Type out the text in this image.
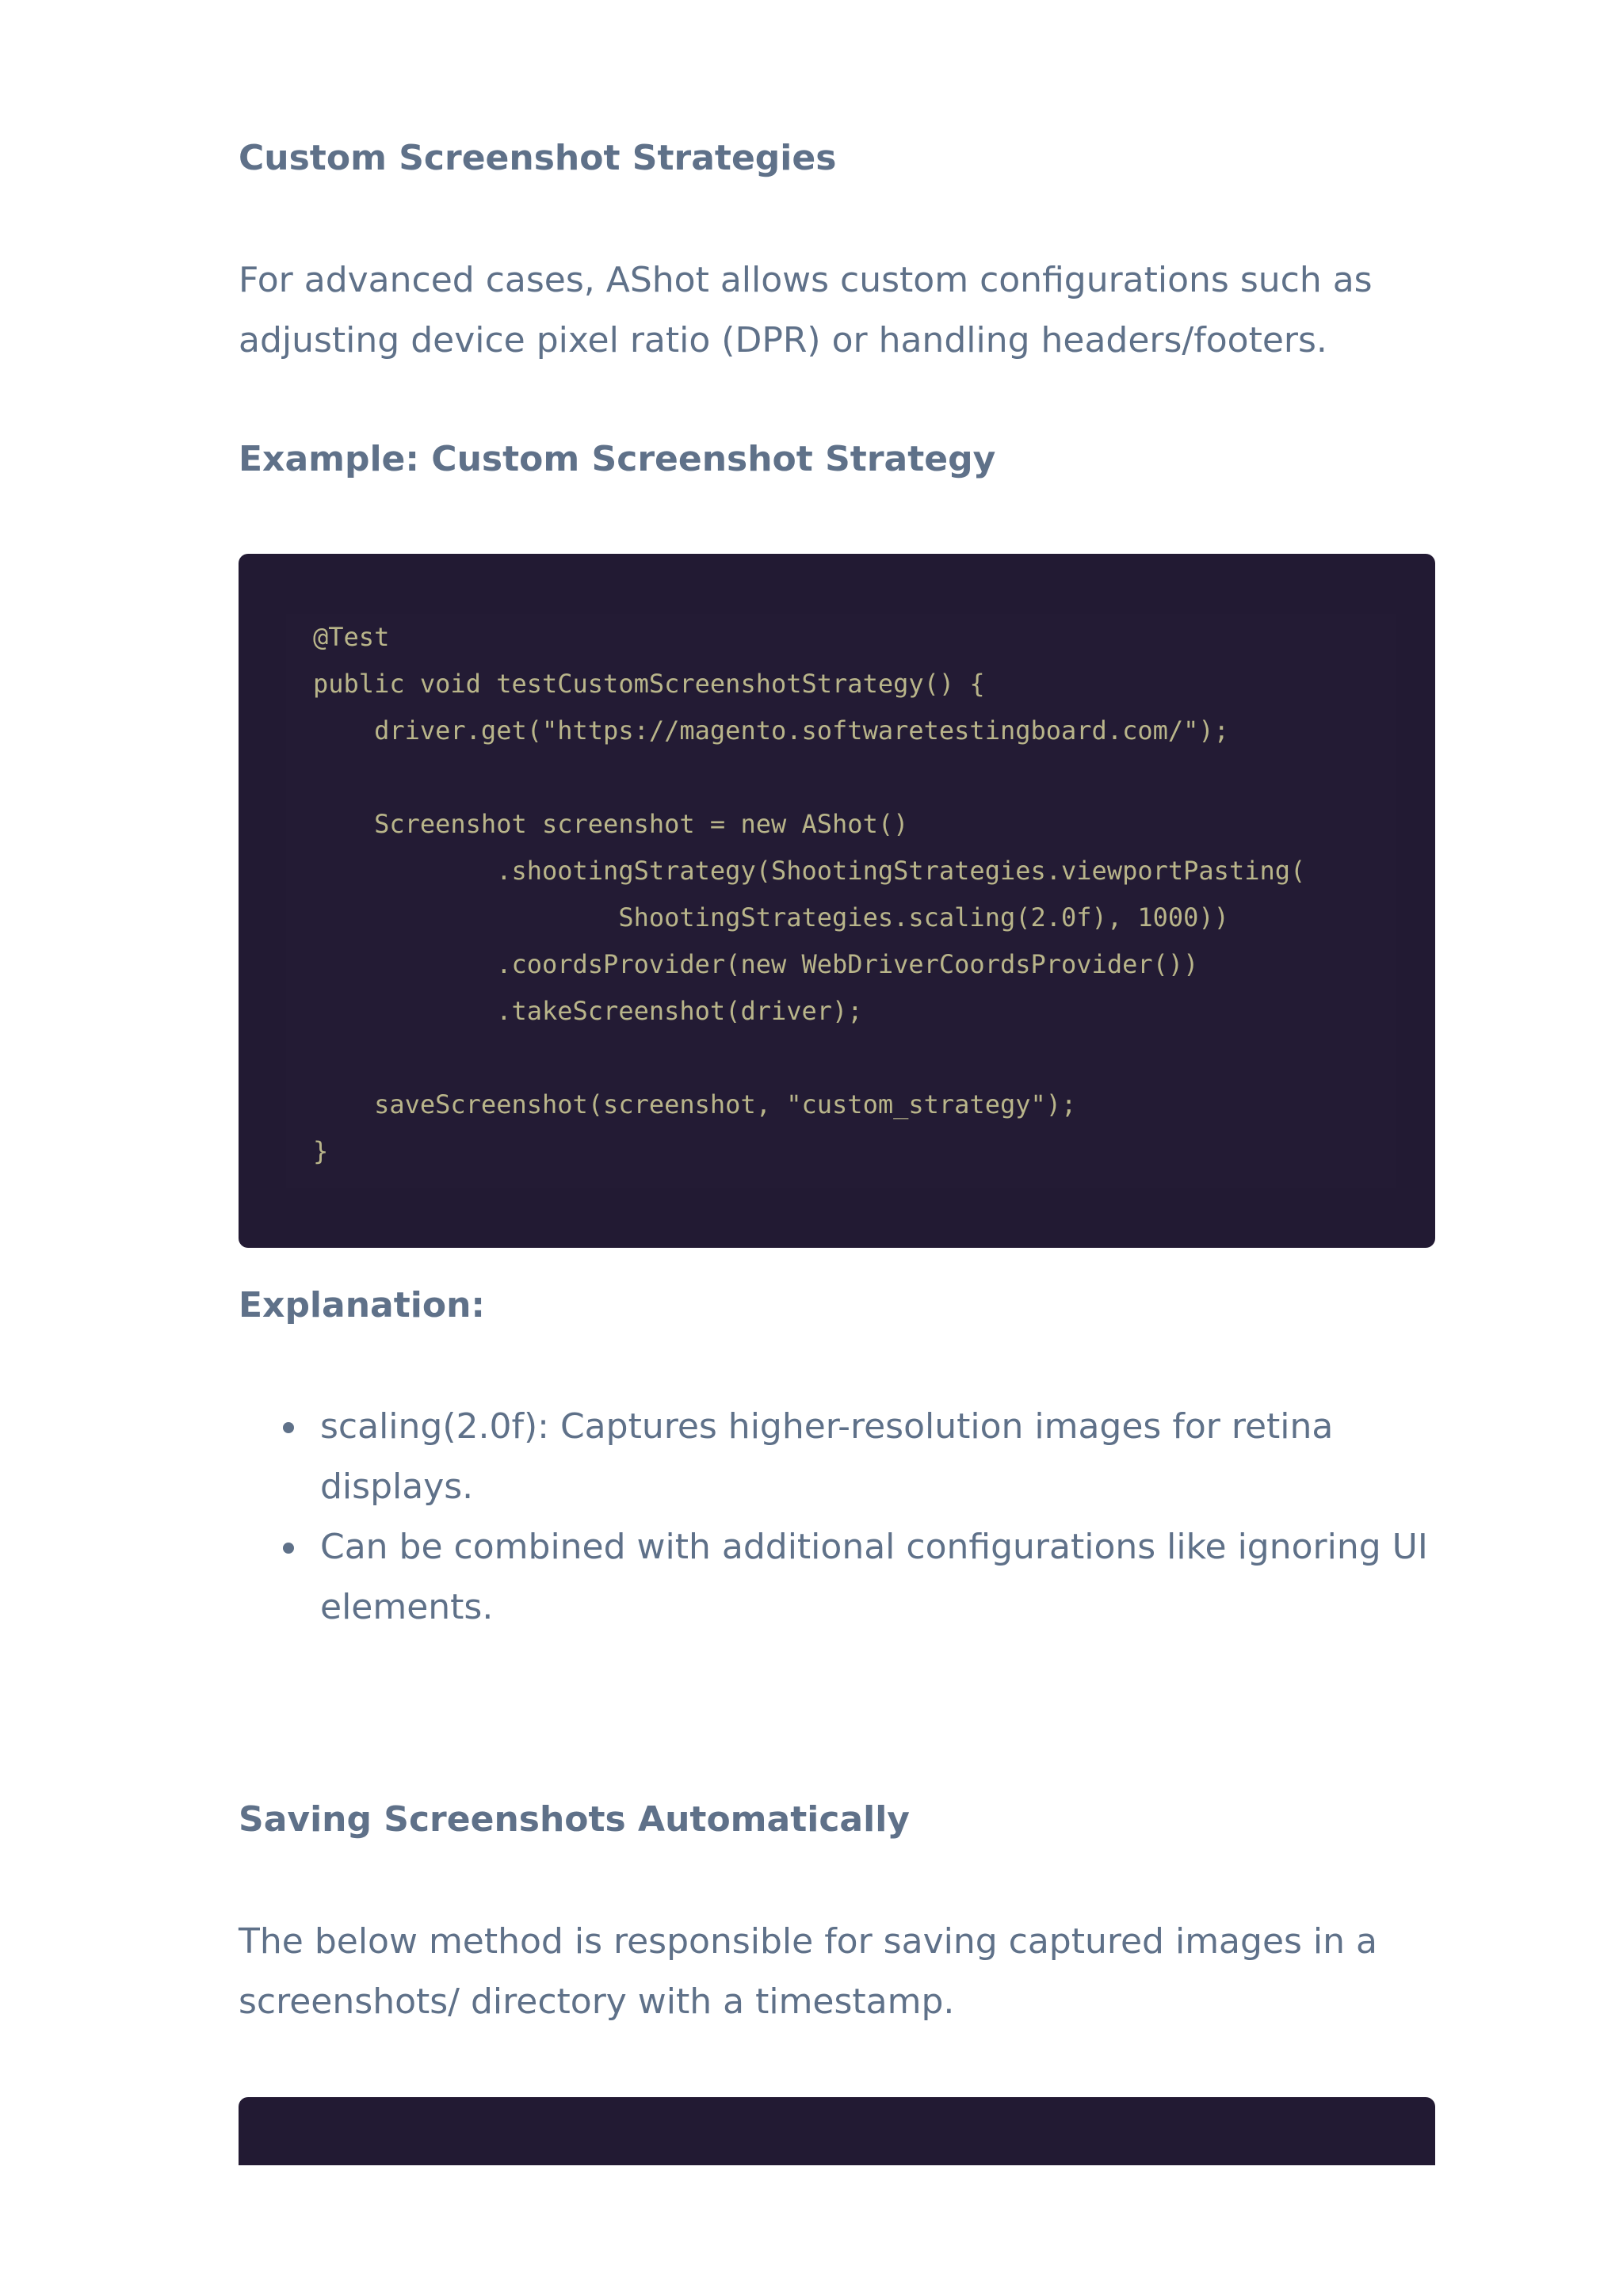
Custom Screenshot Strategies

For advanced cases, AShot allows custom configurations such as
adjusting device pixel ratio (DPR) or handling headers/footers.

Example: Custom Screenshot Strategy
@Test
public void testCustomScreenshotStrategy() {
driver.get("https://magento.softwaretestingboard.com/");
Screenshot screenshot = new AShot()
.shootingStrategy(ShootingStrategies.viewportPasting(
ShootingStrategies.scaling(2.0f), 1000))
.coordsProvider(new WebDriverCoordsProvider())
.takeScreenshot(driver);
saveScreenshot(screenshot, "custom_strategy");
}
Explanation:
scaling(2.0f): Captures higher-resolution images for retina
displays.
Can be combined with additional configurations like ignoring UI
elements.
Saving Screenshots Automatically

The below method is responsible for saving captured images in a
screenshots/ directory with a timestamp.
